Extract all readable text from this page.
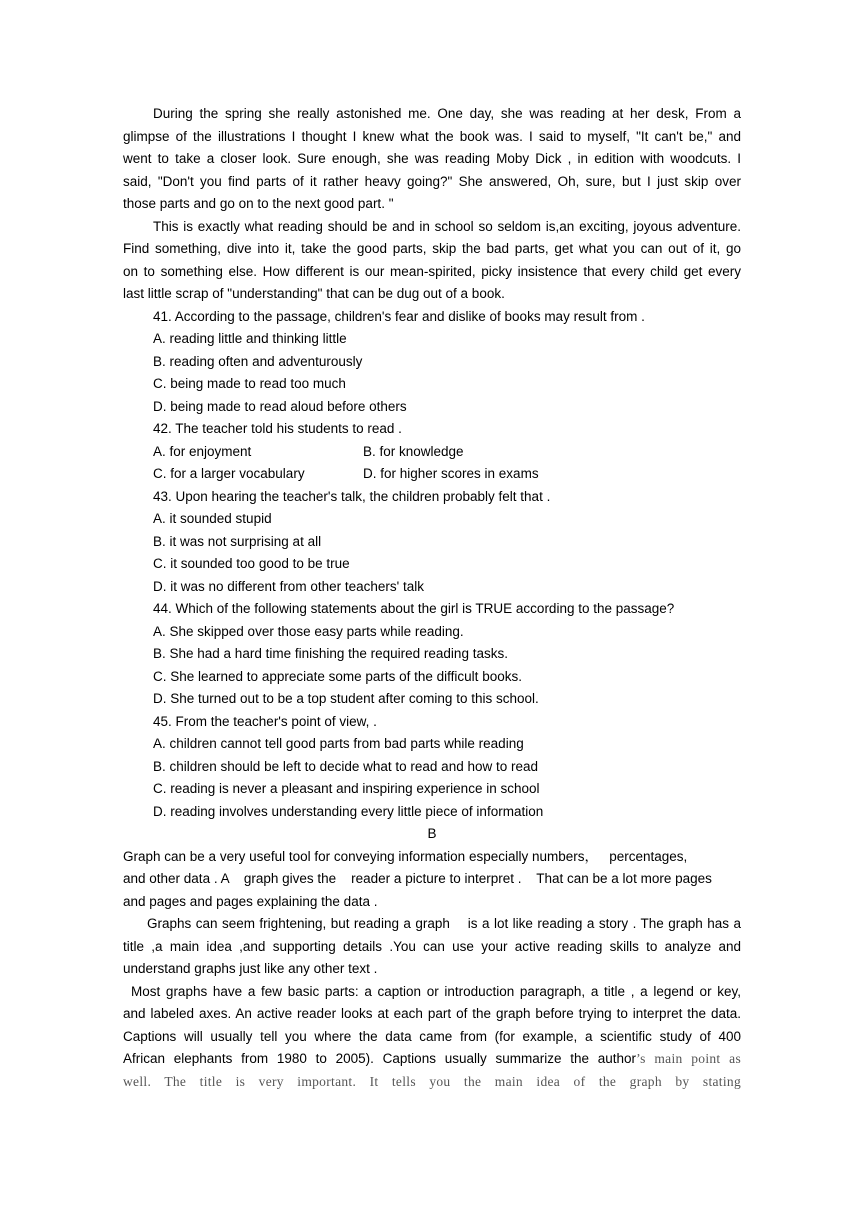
During the spring she really astonished me. One day, she was reading at her desk, From a

glimpse of the illustrations I thought I knew what the book was. I said to myself, "It can't be," and

went to take a closer look. Sure enough, she was reading Moby Dick , in edition with woodcuts. I

said, "Don't you find parts of it rather heavy going?" She answered, Oh, sure, but I just skip over

those parts and go on to the next good part. "

This is exactly what reading should be and in school so seldom is,an exciting, joyous adventure.

Find something, dive into it, take the good parts, skip the bad parts, get what you can out of it, go

on to something else. How different is our mean-spirited, picky insistence that every child get every

last little scrap of "understanding" that can be dug out of a book.

41. According to the passage, children's fear and dislike of books may result from .

A. reading little and thinking little

B. reading often and adventurously

C. being made to read too much

D. being made to read aloud before others

42. The teacher told his students to read .

A. for enjoyment	B. for knowledge
C. for a larger vocabulary	D. for higher scores in exams

43. Upon hearing the teacher's talk, the children probably felt that .

A. it sounded stupid

B. it was not surprising at all

C. it sounded too good to be true

D. it was no different from other teachers' talk

44. Which of the following statements about the girl is TRUE according to the passage?

A. She skipped over those easy parts while reading.

B. She had a hard time finishing the required reading tasks.

C. She learned to appreciate some parts of the difficult books.

D. She turned out to be a top student after coming to this school.

45. From the teacher's point of view, .

A. children cannot tell good parts from bad parts while reading

B. children should be left to decide what to read and how to read

C. reading is never a pleasant and inspiring experience in school

D. reading involves understanding every little piece of information

B

Graph can be a very useful tool for conveying information especially numbers，   percentages,

and other data . A    graph gives the    reader a picture to interpret .    That can be a lot more pages

and pages and pages explaining the data .

Graphs can seem frightening, but reading a graph    is a lot like reading a story . The graph has a

title ,a main idea ,and supporting details .You can use your active reading skills to analyze and

understand graphs just like any other text .

Most graphs have a few basic parts: a caption or introduction paragraph, a title , a legend or key,

and labeled axes. An active reader looks at each part of the graph before trying to interpret the data.

Captions will usually tell you where the data came from (for example, a scientific study of 400

African elephants from 1980 to 2005). Captions usually summarize the author’s main point as

well. The title is very important. It tells you the main idea of the graph by stating
